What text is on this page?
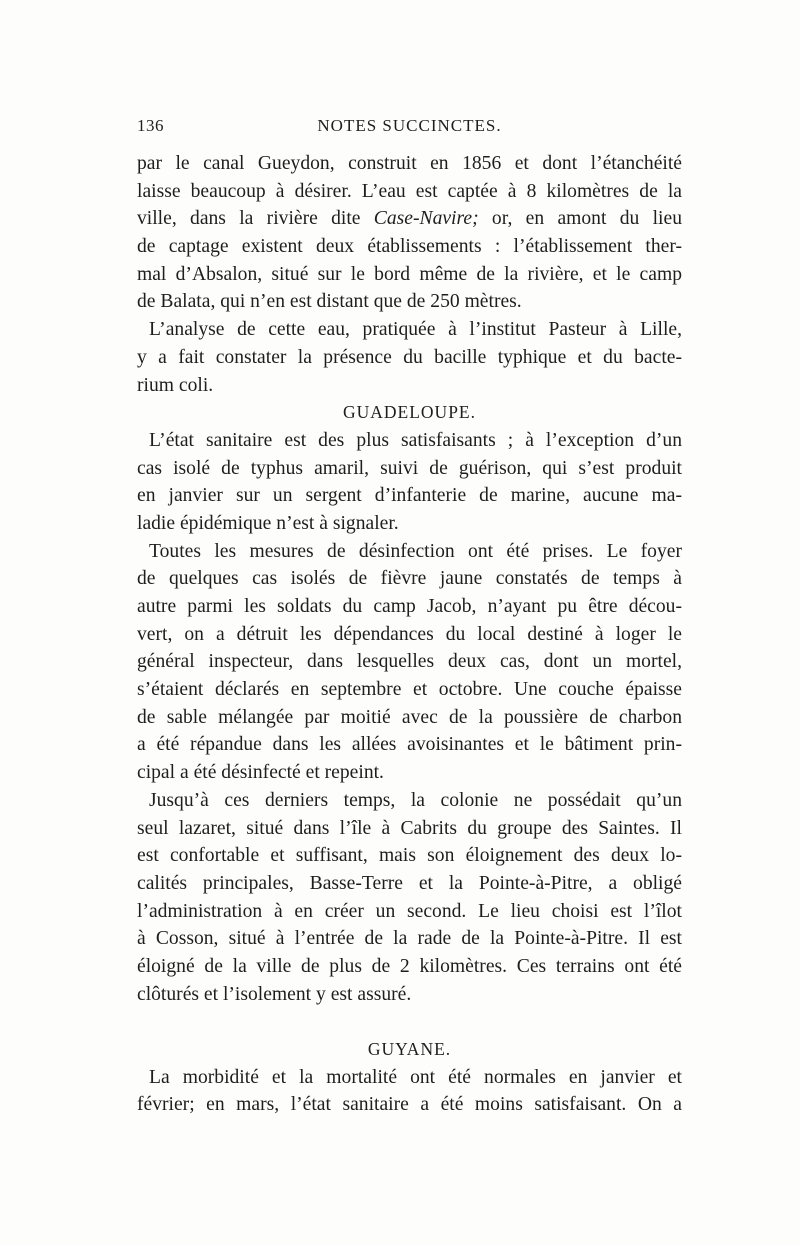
136	NOTES SUCCINCTES.
par le canal Gueydon, construit en 1856 et dont l’étanchéité
laisse beaucoup à désirer. L’eau est captée à 8 kilomètres de la
ville, dans la rivière dite Case-Navire; or, en amont du lieu
de captage existent deux établissements : l’établissement ther-
mal d’Absalon, situé sur le bord même de la rivière, et le camp
de Balata, qui n’en est distant que de 250 mètres.
L’analyse de cette eau, pratiquée à l’institut Pasteur à Lille,
y a fait constater la présence du bacille typhique et du bacte-
rium coli.
GUADELOUPE.
L’état sanitaire est des plus satisfaisants ; à l’exception d’un
cas isolé de typhus amaril, suivi de guérison, qui s’est produit
en janvier sur un sergent d’infanterie de marine, aucune ma-
ladie épidémique n’est à signaler.
Toutes les mesures de désinfection ont été prises. Le foyer
de quelques cas isolés de fièvre jaune constatés de temps à
autre parmi les soldats du camp Jacob, n’ayant pu être décou-
vert, on a détruit les dépendances du local destiné à loger le
général inspecteur, dans lesquelles deux cas, dont un mortel,
s’étaient déclarés en septembre et octobre. Une couche épaisse
de sable mélangée par moitié avec de la poussière de charbon
a été répandue dans les allées avoisinantes et le bâtiment prin-
cipal a été désinfecté et repeint.
Jusqu’à ces derniers temps, la colonie ne possédait qu’un
seul lazaret, situé dans l’île à Cabrits du groupe des Saintes. Il
est confortable et suffisant, mais son éloignement des deux lo-
calités principales, Basse-Terre et la Pointe-à-Pitre, a obligé
l’administration à en créer un second. Le lieu choisi est l’îlot
à Cosson, situé à l’entrée de la rade de la Pointe-à-Pitre. Il est
éloigné de la ville de plus de 2 kilomètres. Ces terrains ont été
clôturés et l’isolement y est assuré.
GUYANE.
La morbidité et la mortalité ont été normales en janvier et
février; en mars, l’état sanitaire a été moins satisfaisant. On a
